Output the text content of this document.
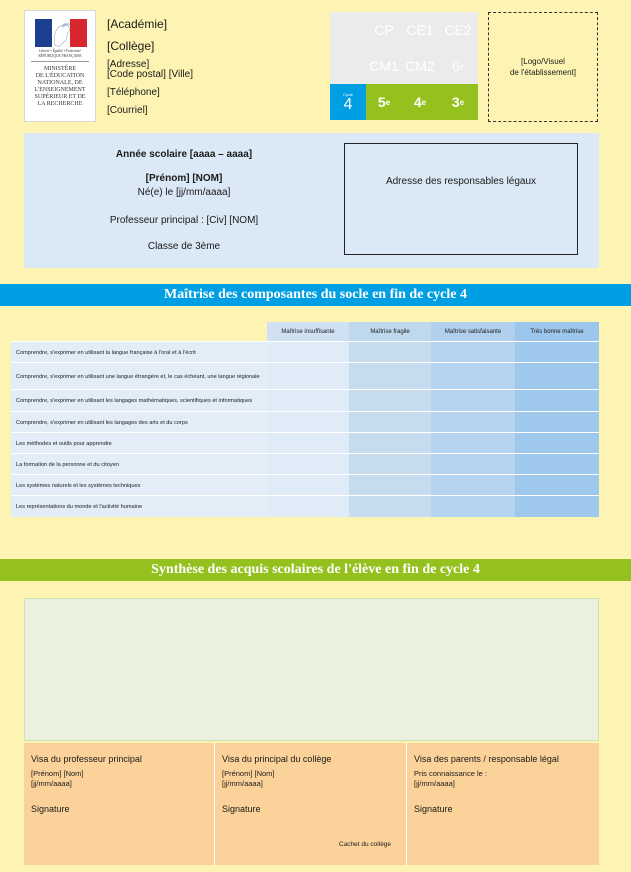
Liberté • Égalité • Fraternité
RÉPUBLIQUE FRANÇAISE
MINISTÈRE
DE L'ÉDUCATION
NATIONALE, DE
L'ENSEIGNEMENT
SUPÉRIEUR ET DE
LA RECHERCHE
[Académie]
[Collège]
[Adresse]
[Code postal] [Ville]
[Téléphone]
[Courriel]
CP CE1 CE2
CM1 CM2	6 e
Cycle
4	5 e	4 e	3 e
[Logo/Visuel
de l'établissement]
Année scolaire [aaaa – aaaa]
[Prénom] [NOM]
Né(e) le [jj/mm/aaaa]
Professeur principal : [Civ] [NOM]
Classe de 3ème
Adresse des responsables légaux
Maîtrise des composantes du socle en fin de cycle 4
Maîtrise insuffisante	Maîtrise fragile	Maîtrise satisfaisante	Très bonne maîtrise
Comprendre, s'exprimer en utilisant la langue française à l'oral et à l'écrit
Comprendre, s'exprimer en utilisant une langue étrangère et, le cas échéant, une langue régionale
Comprendre, s'exprimer en utilisant les langages mathématiques, scientifiques et informatiques
Comprendre, s'exprimer en utilisant les langages des arts et du corps
Les méthodes et outils pour apprendre
La formation de la personne et du citoyen
Les systèmes naturels et les systèmes techniques
Les représentations du monde et l'activité humaine
Synthèse des acquis scolaires de l'élève en fin de cycle 4
Visa du professeur principal
[Prénom] [Nom]
[jj/mm/aaaa]
Signature
Visa du principal du collège
[Prénom] [Nom]
[jj/mm/aaaa]
Signature
Cachet du collège
Visa des parents / responsable légal
Pris connaissance le :
[jj/mm/aaaa]
Signature
